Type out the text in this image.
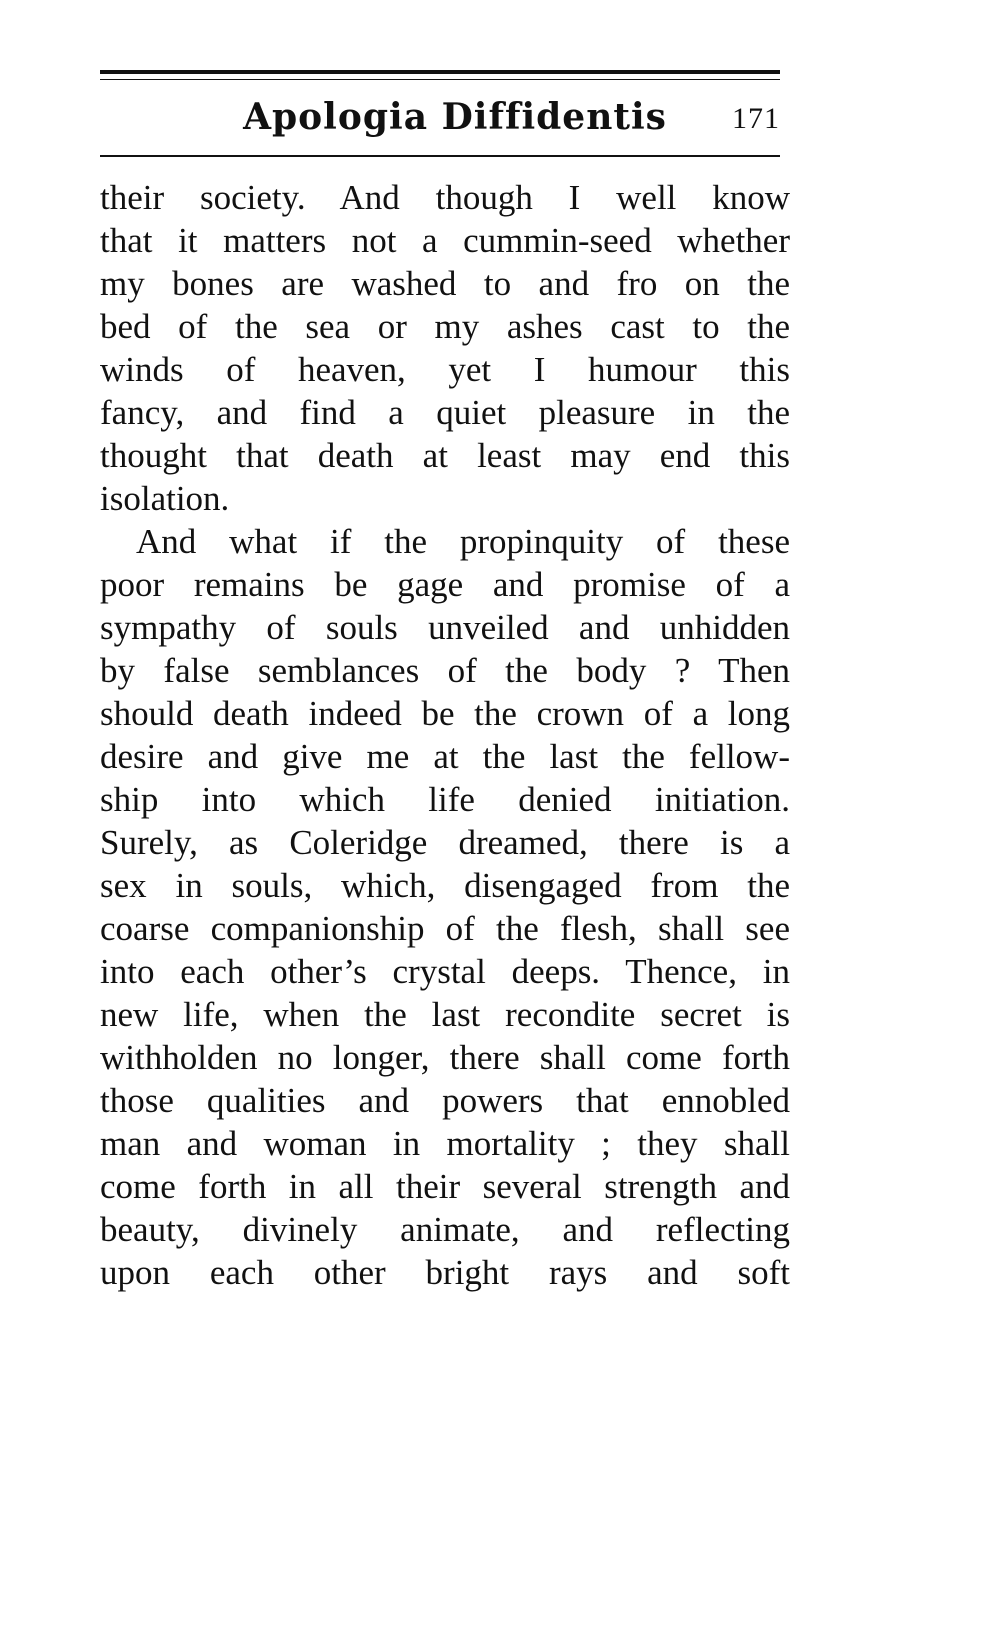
Apologia Diffidentis 171
their society. And though I well know
that it matters not a cummin-seed whether
my bones are washed to and fro on the
bed of the sea or my ashes cast to the
winds of heaven, yet I humour this
fancy, and find a quiet pleasure in the
thought that death at least may end this
isolation.
And what if the propinquity of these
poor remains be gage and promise of a
sympathy of souls unveiled and unhidden
by false semblances of the body ? Then
should death indeed be the crown of a long
desire and give me at the last the fellow-
ship into which life denied initiation.
Surely, as Coleridge dreamed, there is a
sex in souls, which, disengaged from the
coarse companionship of the flesh, shall see
into each other’s crystal deeps. Thence, in
new life, when the last recondite secret is
withholden no longer, there shall come forth
those qualities and powers that ennobled
man and woman in mortality ; they shall
come forth in all their several strength and
beauty, divinely animate, and reflecting
upon each other bright rays and soft
